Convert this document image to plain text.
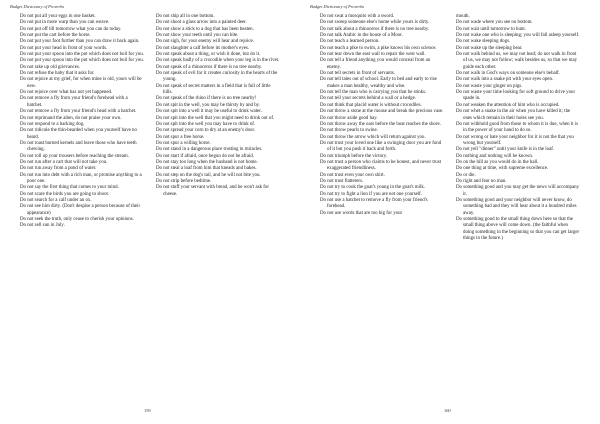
Budget Dictionary of Proverbs

Do not put all your eggs in one basket.

Do not put in more warp than you can weave.

Do not put off till tomorrow what you can do today.

Do not put the cart before the horse.

Do not put your foot further than you can draw it back again.

Do not put your head in front of your words.

Do not put your spoon into the pot which does not boil for you.

Do not put your spoon into the pot which does not boil for you.

Do not rake up old grievances.

Do not refuse the baby that it asks for.

Do not rejoice at my grief, for when mine is old, yours will be new.

Do not rejoice over what has not yet happened.

Do not remove a fly from your friend's forehead with a hatchet.

Do not remove a fly from your friend's head with a hatchet.

Do not reprimand the alien, do not praise your own.

Do not respond to a barking dog.

Do not ridicule the thin-bearded when you yourself have no beard.

Do not roast burned kernels and leave those who have teeth chewing.

Do not roll up your trousers before reaching the stream.

Do not run after a cart that will not take you.

Do not run away from a pond of water.

Do not run into debt with a rich man, or promise anything to a poor one.

Do not say the first thing that comes to your mind.

Do not scare the birds you are going to shoot.

Do not search for a calf under an ox.

Do not see him dirty. (Don't despise a person because of their appearance)

Do not seek the truth, only cease to cherish your opinions.

Do not sell sun in July.

Do not ship all in one bottom.

Do not shoot a glass arrow into a painted deer.

Do not show a stick to a dog that has been beaten.

Do not show your teeth until you can bite.

Do not sigh, for your enemy will hear and rejoice.

Do not slaughter a calf before its mother's eyes.

Do not speak about a thing, or wish it done, but do it.

Do not speak badly of a crocodile when your leg is in the river.

Do not speak of a rhinoceros if there is no tree nearby.

Do not speak of evil for it creates curiosity in the hearts of the young.

Do not speak of secret matters in a field that is full of little hills.

Do not speak of the rhino if there is no tree nearby!

Do not spit in the well, you may be thirsty by and by.

Do not spit into a well it may be useful to drink water.

Do not spit into the well that you might need to drink out of.

Do not spit into the well you may have to drink of.

Do not spread your corn to dry at an enemy's door.

Do not spur a free horse.

Do not spur a willing horse.

Do not stand in a dangerous place trusting in miracles.

Do not start if afraid, once begun do not be afraid.

Do not stay too long when the husband is not home.

Do not steal a loaf from him that kneads and bakes.

Do not step on the dog's tail, and he will not bite you.

Do not strip before bedtime.

Do not stuff your servant with bread, and he won't ask for cheese.

159
Budget Dictionary of Proverbs

Do not swat a mosquito with a sword.

Do not sweep someone else's home while yours is dirty.

Do not talk about a rhinoceros if there is no tree nearby.

Do not talk Arabic in the house of a Moor.

Do not teach a learned person.

Do not teach a pike to swim, a pike knows his own science.

Do not tear down the east wall to repair the west wall.

Do not tell a friend anything you would conceal from an enemy.

Do not tell secrets in front of servants.

Do not tell tales out of school. Early to bed and early to rise makes a man healthy, wealthy and wise.

Do not tell the man who is carrying you that he stinks.

Do not tell your secrets behind a wall or a hedge.

Do not think that placid water is without crocodiles.

Do not throw a stone at the mouse and break the precious vase.

Do not throw aside good hay.

Do not throw away the oars before the boat reaches the shore.

Do not throw pearls to swine.

Do not throw the arrow which will return against you.

Do not trust your loved one like a swinging door you are fond of it but you push it back and forth.

Do not triumph before the victory.

Do not trust a person who claims to be honest, and never trust exaggerated friendliness.

Do not trust even your own shirt.

Do not trust flatterers.

Do not try to cook the goat's young in the goat's milk.

Do not try to fight a lion if you are not one yourself.

Do not use a hatchet to remove a fly from your friend's forehead.

Do not use words that are too big for your

mouth.

Do not wade where you see no bottom.

Do not wait until tomorrow to hunt.

Do not wake one who is sleeping; you will fall asleep yourself.

Do not wake sleeping dogs.

Do not wake up the sleeping bear.

Do not walk behind us, we may not lead; do not walk in front of us, we may not follow; walk besides us, so that we may guide each other.

Do not walk in God's ways on someone else's behalf.

Do not walk into a snake pit with your eyes open.

Do not waste your ginger on pigs.

Do not waste your time looking for soft ground to drive your spade in.

Do not weaken the attention of him who is occupied.

Do not whet a snake in the air when you have killed it; the ones which remain in their holes see you.

Do not withhold good from those to whom it is due, when it is in the power of your hand to do so.

Do not wrong or hate your neighbor for it is not the that you wrong but yourself.

Do not yell "dinner" until your knife is in the loaf.

Do nothing and nothing will be known.

Do on the hill as you would do in the hall.

Do one thing at time, with supreme excellence.

Do or die.

Do right and fear no man.

Do something good and you may get the news will accompany it.

Do something good and your neighbor will never know, do something bad and they will hear about it a hundred miles away.

Do something good to the small thing down here so that the small thing above will come down. (the faithful when doing something in the beginning so that you can get larger things in the future.)

160
